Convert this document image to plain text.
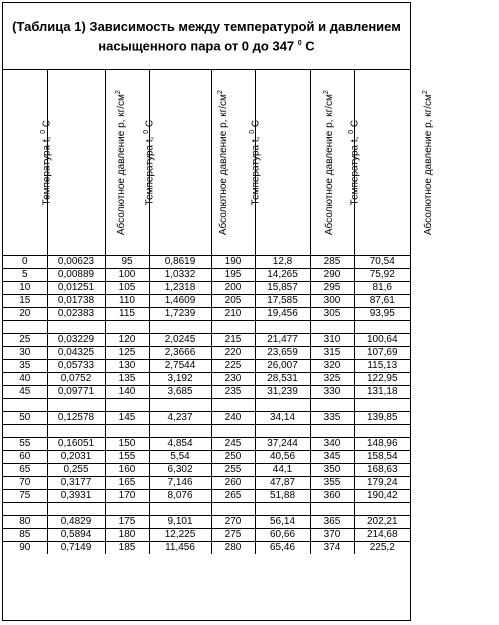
(Таблица 1) Зависимость между температурой и давлением
насыщенного пара от 0 до 347 $^0$ C
Температура t, $^0$ C	Абсолютное давление p, $кг/см^2$	Температура t, $^0$ C	Абсолютное давление p, $кг/см^2$	Температура t, $^0$ C	Абсолютное давление p, $кг/см^2$	Температура t, $^0$ C	Абсолютное давление p, $кг/см^2$
0	0,00623	95	0,8619	190	12,8	285	70,54
5	0,00889	100	1,0332	195	14,265	290	75,92
10	0,01251	105	1,2318	200	15,857	295	81,6
15	0,01738	110	1,4609	205	17,585	300	87,61
20	0,02383	115	1,7239	210	19,456	305	93,95

25	0,03229	120	2,0245	215	21,477	310	100,64
30	0,04325	125	2,3666	220	23,659	315	107,69
35	0,05733	130	2,7544	225	26,007	320	115,13
40	0,0752	135	3,192	230	28,531	325	122,95
45	0,09771	140	3,685	235	31,239	330	131,18

50	0,12578	145	4,237	240	34,14	335	139,85

55	0,16051	150	4,854	245	37,244	340	148,96
60	0,2031	155	5,54	250	40,56	345	158,54
65	0,255	160	6,302	255	44,1	350	168,63
70	0,3177	165	7,146	260	47,87	355	179,24
75	0,3931	170	8,076	265	51,88	360	190,42

80	0,4829	175	9,101	270	56,14	365	202,21
85	0,5894	180	12,225	275	60,66	370	214,68
90	0,7149	185	11,456	280	65,46	374	225,2
